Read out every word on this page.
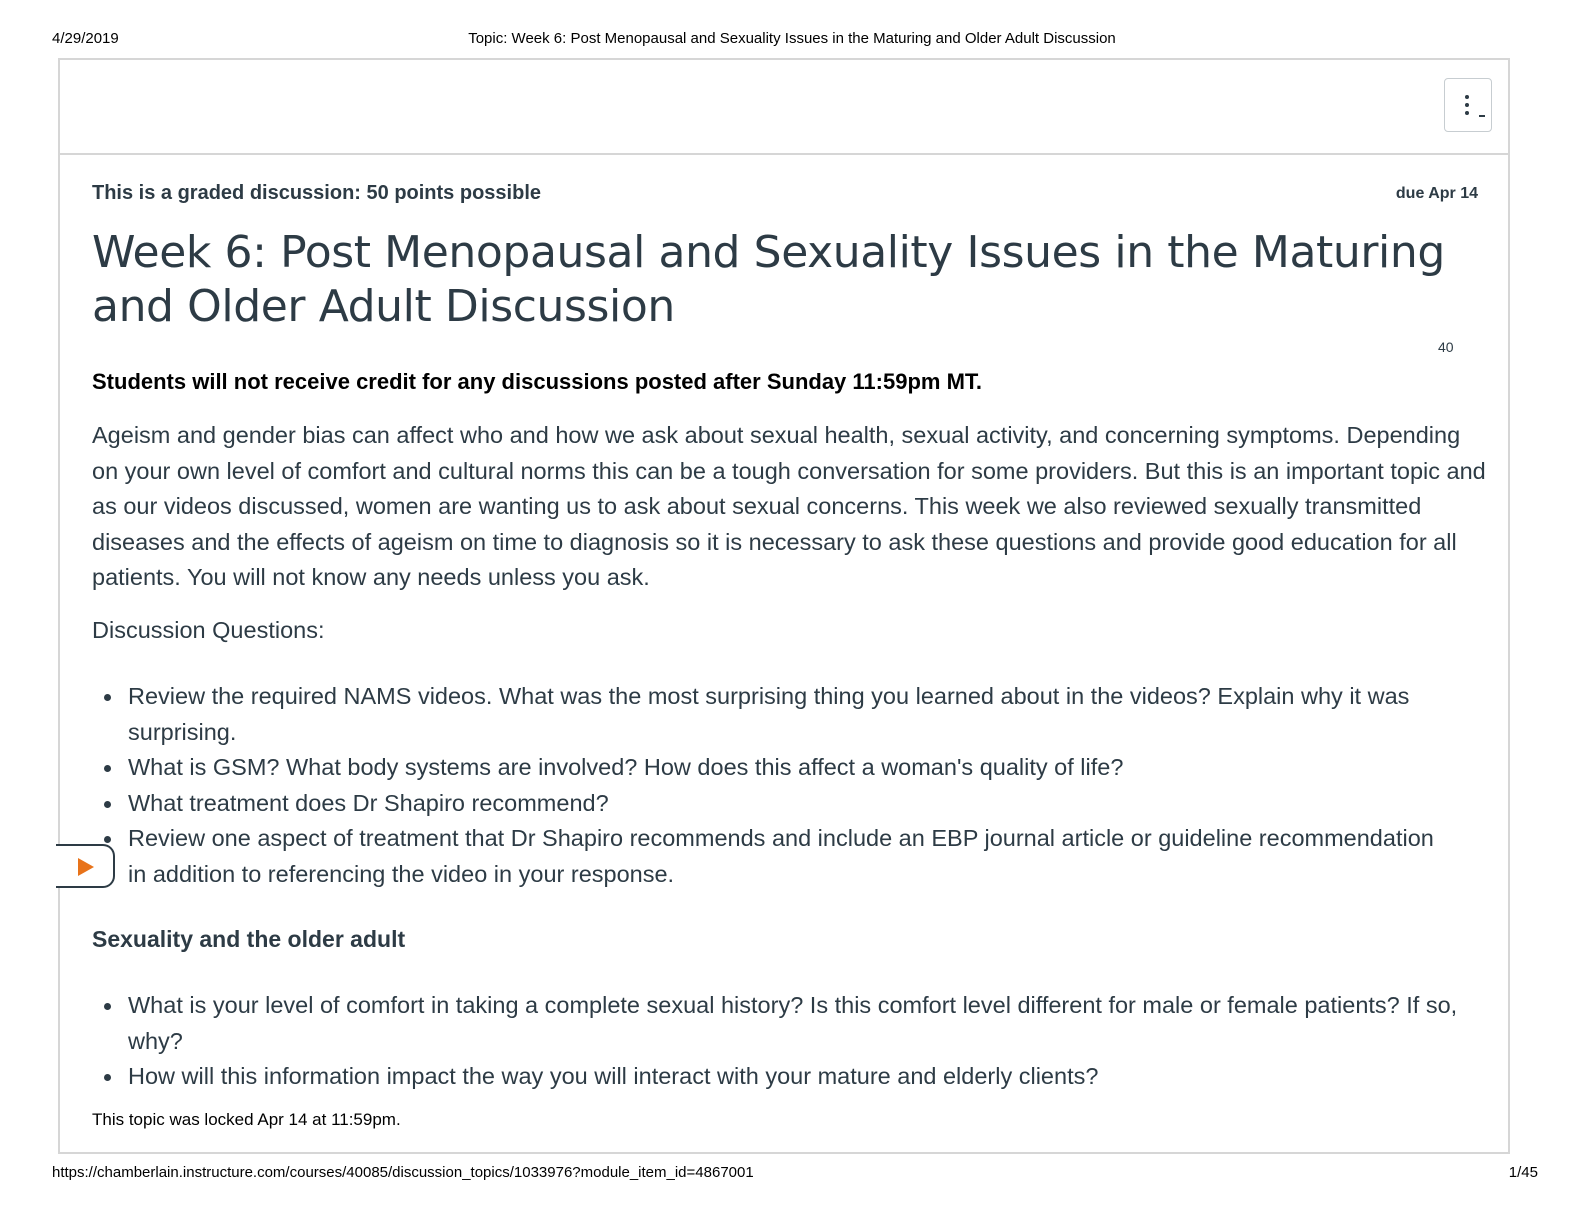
4/29/2019	Topic: Week 6: Post Menopausal and Sexuality Issues in the Maturing and Older Adult Discussion
This is a graded discussion: 50 points possible	due Apr 14
Week 6: Post Menopausal and Sexuality Issues in the Maturing and Older Adult Discussion
40
Students will not receive credit for any discussions posted after Sunday 11:59pm MT.

Ageism and gender bias can affect who and how we ask about sexual health, sexual activity, and concerning symptoms. Depending on your own level of comfort and cultural norms this can be a tough conversation for some providers. But this is an important topic and as our videos discussed, women are wanting us to ask about sexual concerns. This week we also reviewed sexually transmitted diseases and the effects of ageism on time to diagnosis so it is necessary to ask these questions and provide good education for all patients. You will not know any needs unless you ask.

Discussion Questions:
Review the required NAMS videos. What was the most surprising thing you learned about in the videos? Explain why it was surprising.
What is GSM? What body systems are involved? How does this affect a woman's quality of life?
What treatment does Dr Shapiro recommend?
Review one aspect of treatment that Dr Shapiro recommends and include an EBP journal article or guideline recommendation in addition to referencing the video in your response.
Sexuality and the older adult
What is your level of comfort in taking a complete sexual history? Is this comfort level different for male or female patients? If so, why?
How will this information impact the way you will interact with your mature and elderly clients?
This topic was locked Apr 14 at 11:59pm.
https://chamberlain.instructure.com/courses/40085/discussion_topics/1033976?module_item_id=4867001	1/45
